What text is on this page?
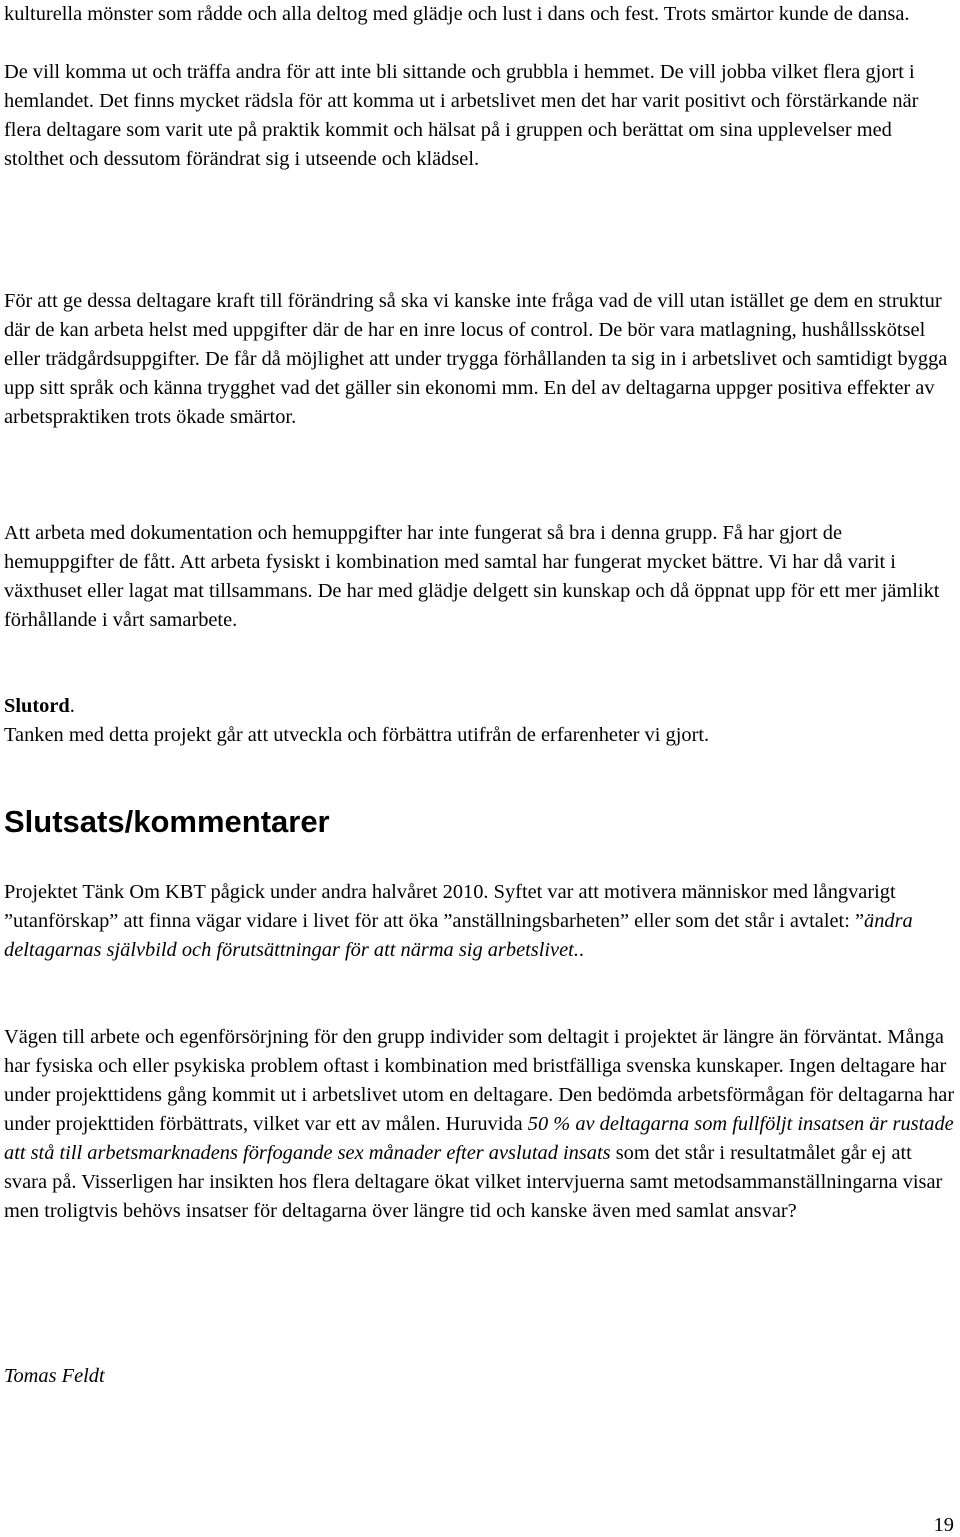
kulturella mönster som rådde och alla deltog med glädje och lust i dans och fest. Trots smärtor kunde de dansa.

De vill komma ut och träffa andra för att inte bli sittande och grubbla i hemmet. De vill jobba vilket flera gjort i hemlandet. Det finns mycket rädsla för att komma ut i arbetslivet men det har varit positivt och förstärkande när flera deltagare som varit ute på praktik kommit och hälsat på i gruppen och berättat om sina upplevelser med stolthet och dessutom förändrat sig i utseende och klädsel.

För att ge dessa deltagare kraft till förändring så ska vi kanske inte fråga vad de vill utan istället ge dem en struktur där de kan arbeta helst med uppgifter där de har en inre locus of control. De bör vara matlagning, hushållsskötsel eller trädgårdsuppgifter. De får då möjlighet att under trygga förhållanden ta sig in i arbetslivet och samtidigt bygga upp sitt språk och känna trygghet vad det gäller sin ekonomi mm. En del av deltagarna uppger positiva effekter av arbetspraktiken trots ökade smärtor.

Att arbeta med dokumentation och hemuppgifter har inte fungerat så bra i denna grupp. Få har gjort de hemuppgifter de fått. Att arbeta fysiskt i kombination med samtal har fungerat mycket bättre. Vi har då varit i växthuset eller lagat mat tillsammans. De har med glädje delgett sin kunskap och då öppnat upp för ett mer jämlikt förhållande i vårt samarbete.

Slutord.

Tanken med detta projekt går att utveckla och förbättra utifrån de erfarenheter vi gjort.

Slutsats/kommentarer

Projektet Tänk Om KBT pågick under andra halvåret 2010. Syftet var att motivera människor med långvarigt ”utanförskap” att finna vägar vidare i livet för att öka ”anställningsbarheten” eller som det står i avtalet: ”ändra deltagarnas självbild och förutsättningar för att närma sig arbetslivet..

Vägen till arbete och egenförsörjning för den grupp individer som deltagit i projektet är längre än förväntat. Många har fysiska och eller psykiska problem oftast i kombination med bristfälliga svenska kunskaper. Ingen deltagare har under projekttidens gång kommit ut i arbetslivet utom en deltagare. Den bedömda arbetsförmågan för deltagarna har under projekttiden förbättrats, vilket var ett av målen. Huruvida 50 % av deltagarna som fullföljt insatsen är rustade att stå till arbetsmarknadens förfogande sex månader efter avslutad insats som det står i resultatmålet går ej att svara på. Visserligen har insikten hos flera deltagare ökat vilket intervjuerna samt metodsammanställningarna visar men troligtvis behövs insatser för deltagarna över längre tid och kanske även med samlat ansvar?

Tomas Feldt

19
